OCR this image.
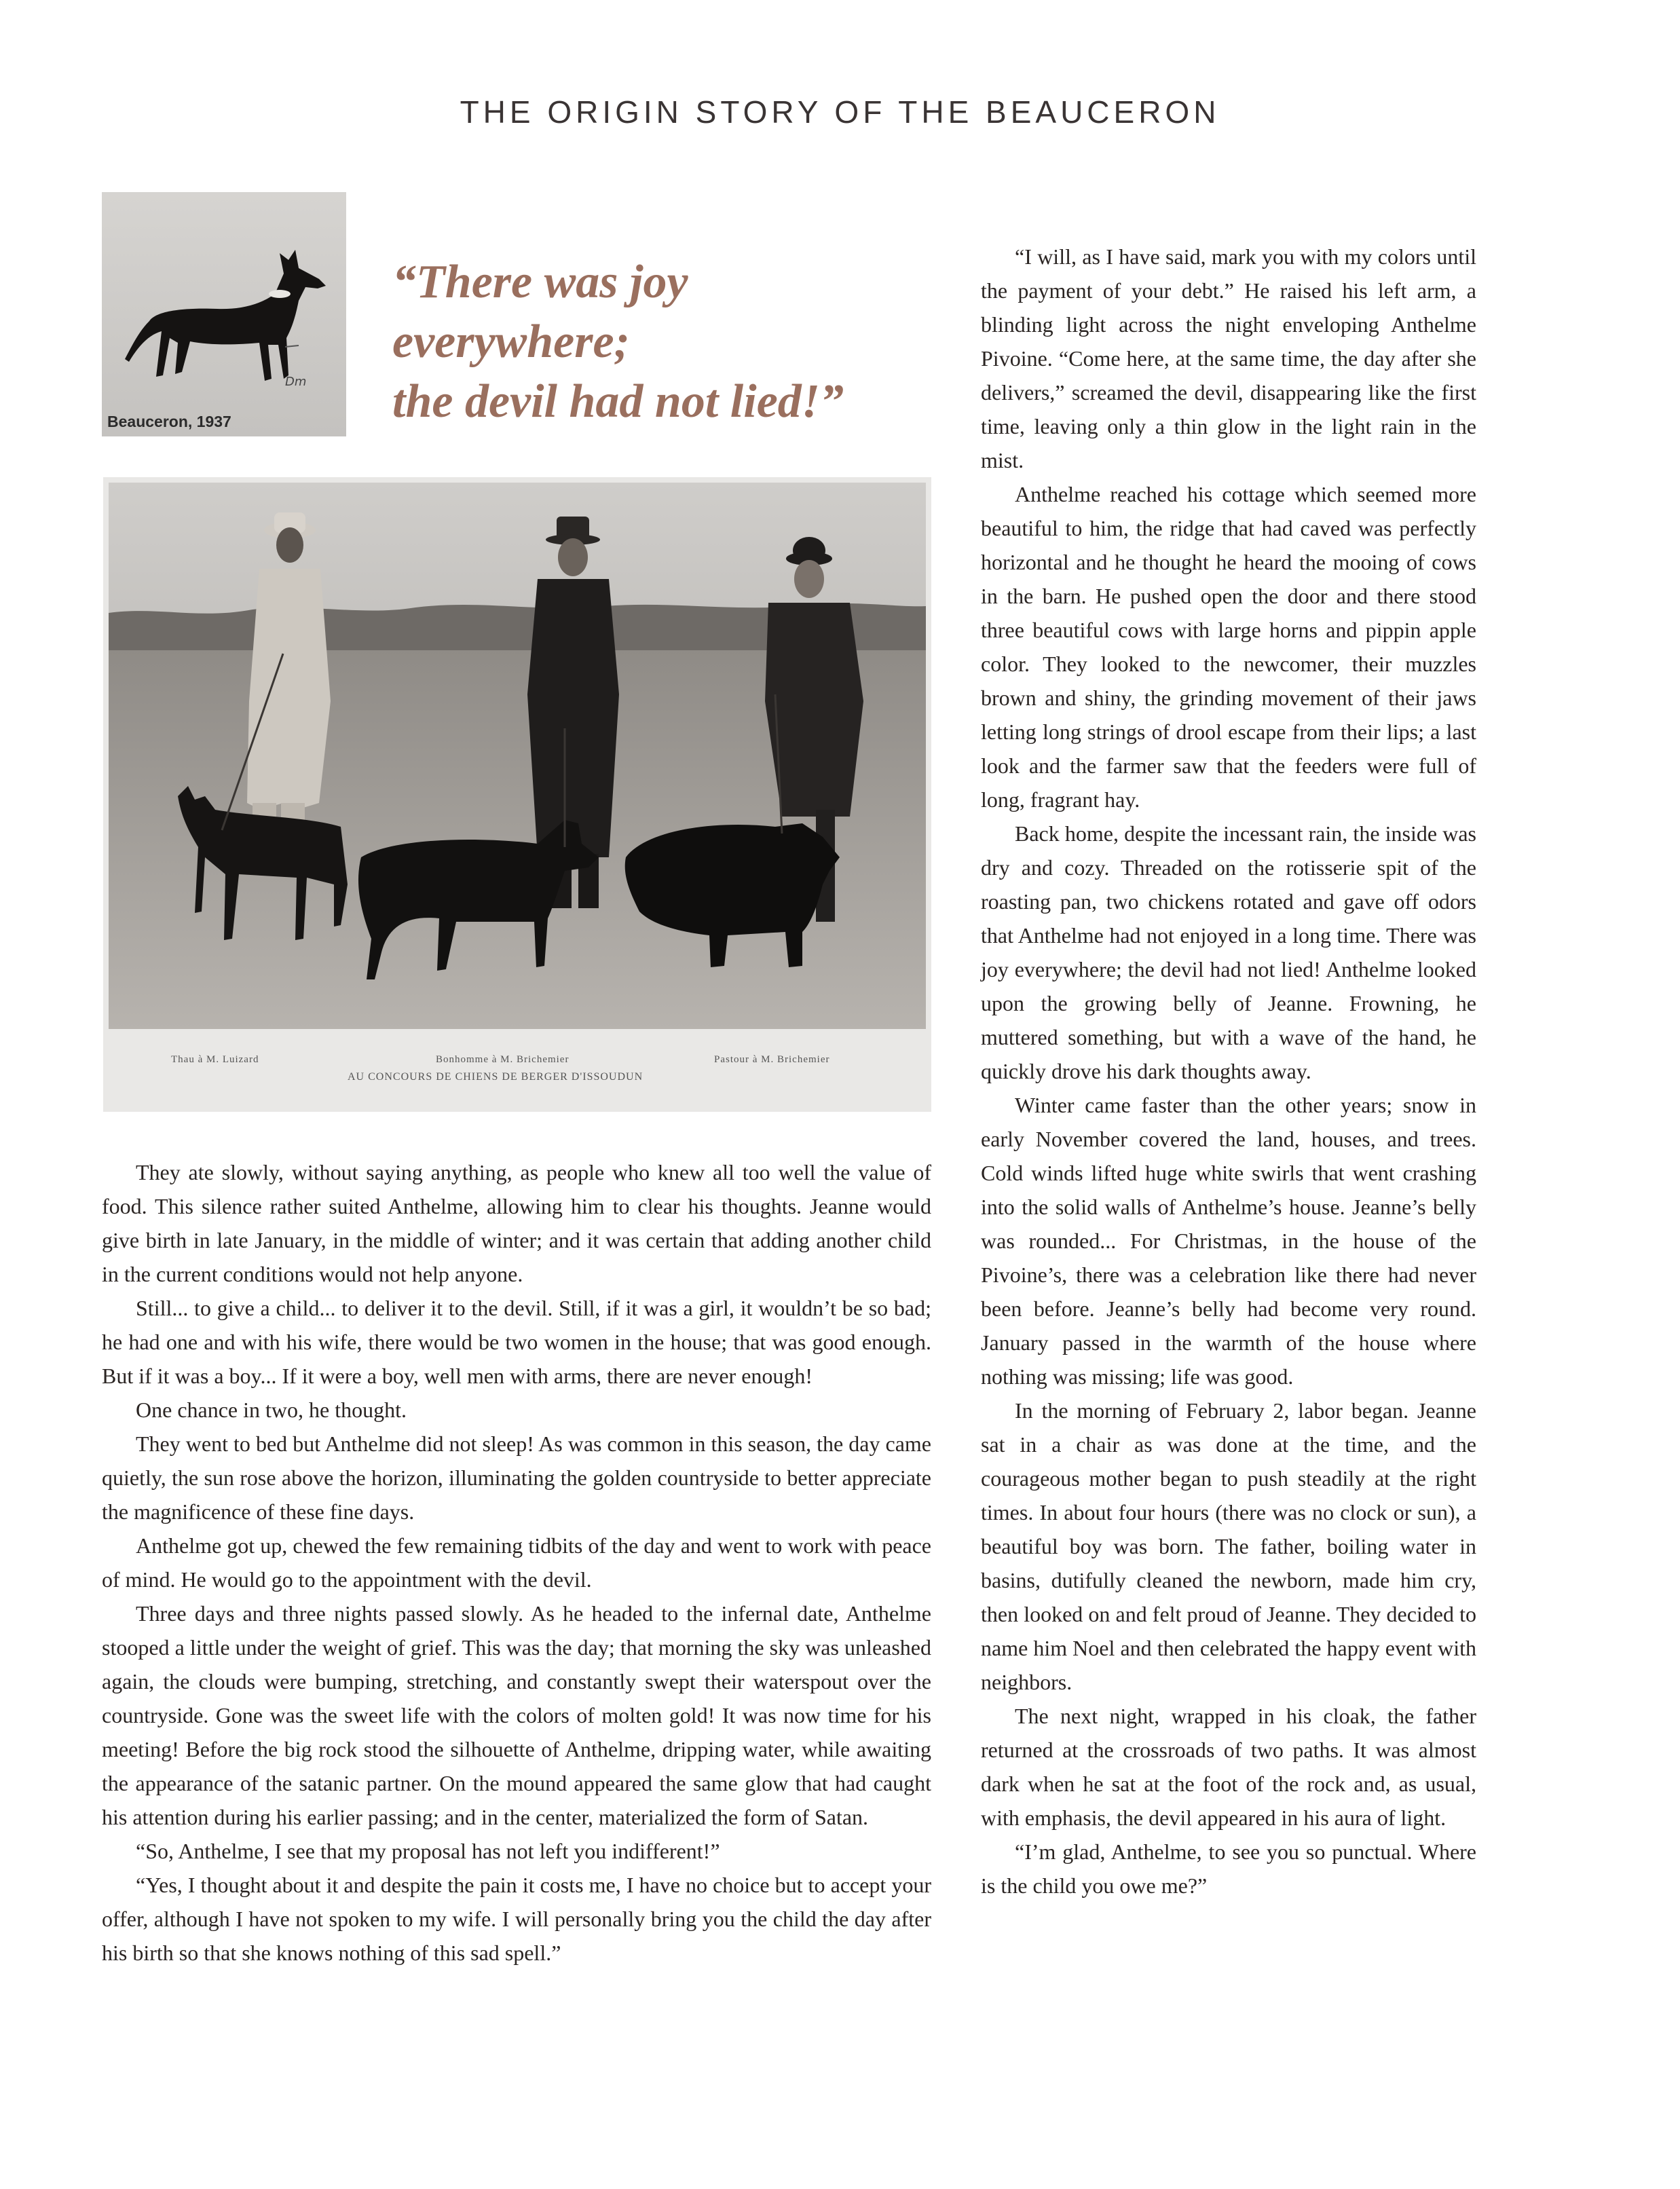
THE ORIGIN STORY OF THE BEAUCERON
Dm
Beauceron, 1937
“There was joy everywhere;
the devil had not lied!”
Thau à M. Luizard	Bonhomme à M. Brichemier	Pastour à M. Brichemier
AU CONCOURS DE CHIENS DE BERGER D'ISSOUDUN

They ate slowly, without saying anything, as people who knew all too well the value of food. This silence rather suited Anthelme, allowing him to clear his thoughts. Jeanne would give birth in late January, in the middle of winter; and it was certain that adding another child in the current conditions would not help anyone.

Still... to give a child... to deliver it to the devil. Still, if it was a girl, it wouldn’t be so bad; he had one and with his wife, there would be two women in the house; that was good enough. But if it was a boy... If it were a boy, well men with arms, there are never enough!

One chance in two, he thought.

They went to bed but Anthelme did not sleep! As was common in this season, the day came quietly, the sun rose above the horizon, illuminating the golden countryside to better appreciate the magnificence of these fine days.

Anthelme got up, chewed the few remaining tidbits of the day and went to work with peace of mind. He would go to the appointment with the devil.

Three days and three nights passed slowly. As he headed to the infernal date, Anthelme stooped a little under the weight of grief. This was the day; that morning the sky was unleashed again, the clouds were bumping, stretching, and constantly swept their waterspout over the countryside. Gone was the sweet life with the colors of molten gold! It was now time for his meeting! Before the big rock stood the silhouette of Anthelme, dripping water, while awaiting the appearance of the satanic partner. On the mound appeared the same glow that had caught his attention during his earlier passing; and in the center, materialized the form of Satan.

“So, Anthelme, I see that my proposal has not left you indifferent!”

“Yes, I thought about it and despite the pain it costs me, I have no choice but to accept your offer, although I have not spoken to my wife. I will personally bring you the child the day after his birth so that she knows nothing of this sad spell.”

“I will, as I have said, mark you with my colors until the payment of your debt.” He raised his left arm, a blinding light across the night enveloping Anthelme Pivoine. “Come here, at the same time, the day after she delivers,” screamed the devil, disappearing like the first time, leaving only a thin glow in the light rain in the mist.

Anthelme reached his cottage which seemed more beautiful to him, the ridge that had caved was perfectly horizontal and he thought he heard the mooing of cows in the barn. He pushed open the door and there stood three beautiful cows with large horns and pippin apple color. They looked to the newcomer, their muzzles brown and shiny, the grinding movement of their jaws letting long strings of drool escape from their lips; a last look and the farmer saw that the feeders were full of long, fragrant hay.

Back home, despite the incessant rain, the inside was dry and cozy. Threaded on the rotisserie spit of the roasting pan, two chickens rotated and gave off odors that Anthelme had not enjoyed in a long time. There was joy everywhere; the devil had not lied! Anthelme looked upon the growing belly of Jeanne. Frowning, he muttered something, but with a wave of the hand, he quickly drove his dark thoughts away.

Winter came faster than the other years; snow in early November covered the land, houses, and trees. Cold winds lifted huge white swirls that went crashing into the solid walls of Anthelme’s house. Jeanne’s belly was rounded... For Christmas, in the house of the Pivoine’s, there was a celebration like there had never been before. Jeanne’s belly had become very round. January passed in the warmth of the house where nothing was missing; life was good.

In the morning of February 2, labor began. Jeanne sat in a chair as was done at the time, and the courageous mother began to push steadily at the right times. In about four hours (there was no clock or sun), a beautiful boy was born. The father, boiling water in basins, dutifully cleaned the newborn, made him cry, then looked on and felt proud of Jeanne. They decided to name him Noel and then celebrated the happy event with neighbors.

The next night, wrapped in his cloak, the father returned at the crossroads of two paths. It was almost dark when he sat at the foot of the rock and, as usual, with emphasis, the devil appeared in his aura of light.

“I’m glad, Anthelme, to see you so punctual. Where is the child you owe me?”
